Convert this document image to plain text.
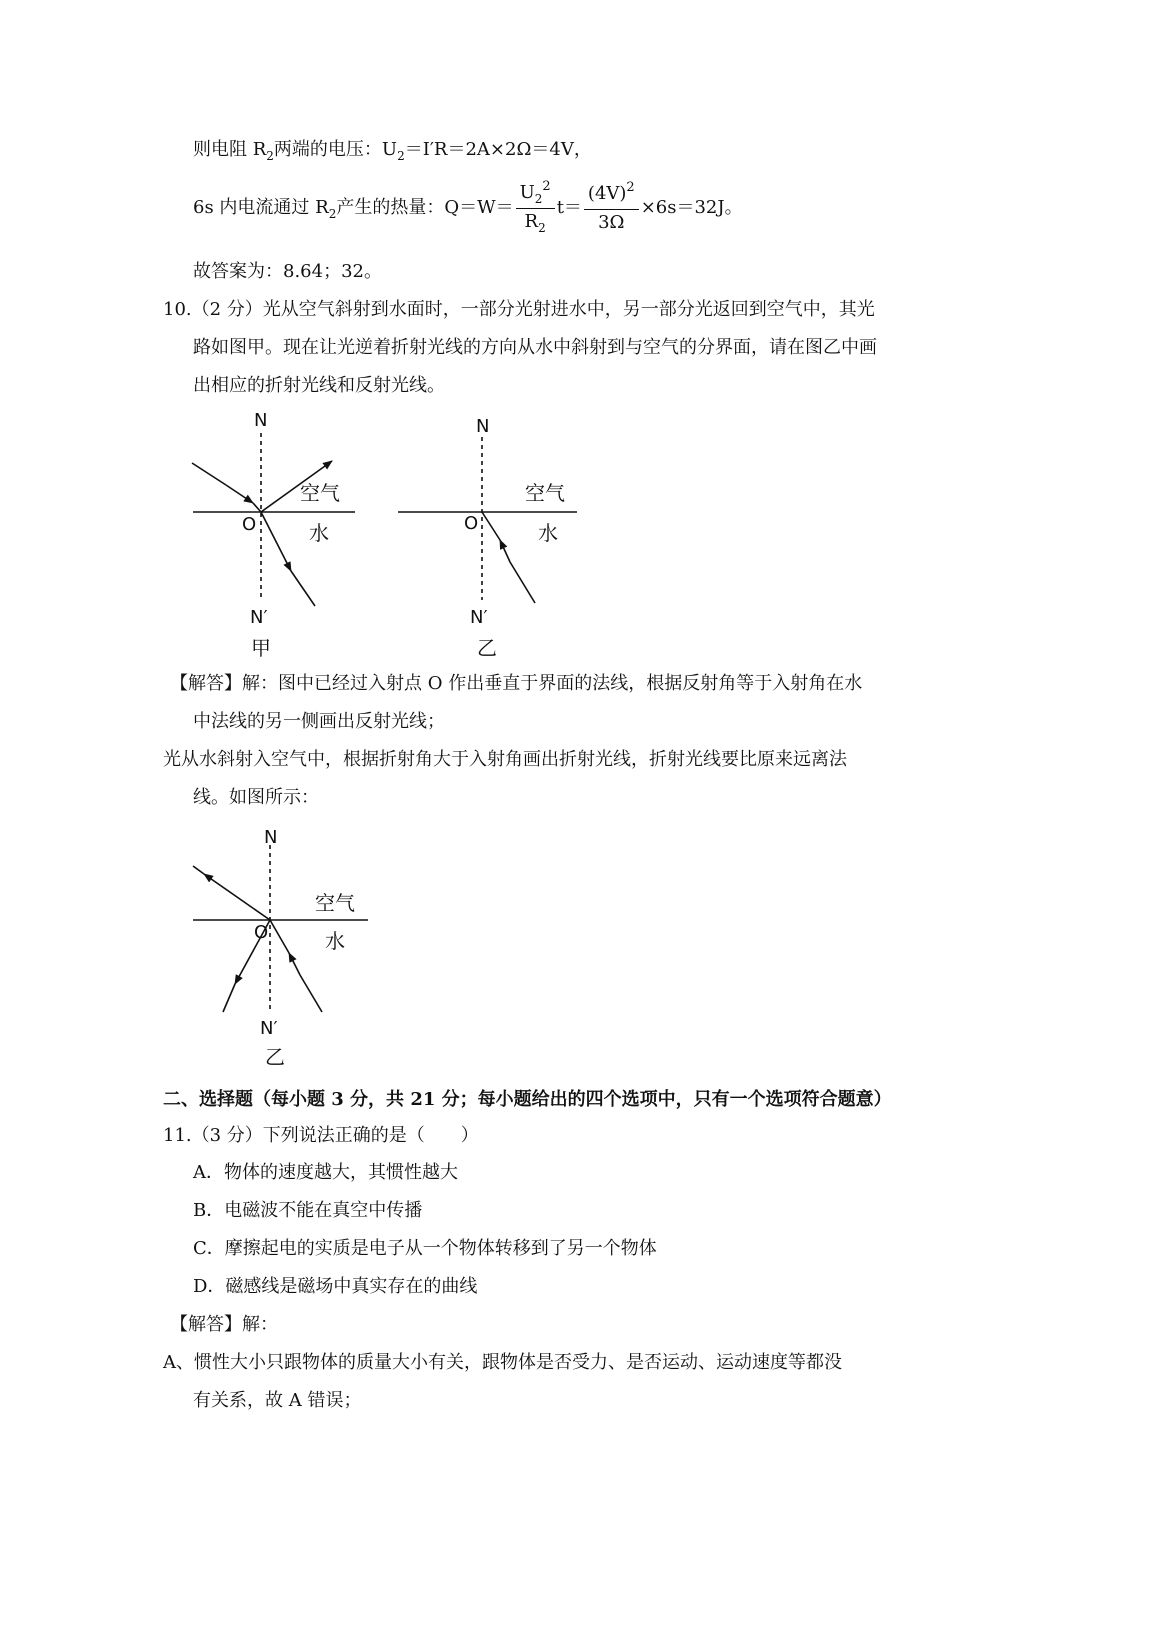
则电阻 $R_2$两端的电压：$U_2=I'R=2A\times 2\Omega=4V$，
6s 内电流通过 $R_2$产生的热量：$Q=W= \frac{U_2^2}{R_2} t= \frac{(4V)^2}{3\Omega} \times 6s=32J$。
故答案为：8.64；32。
10.（2 分）光从空气斜射到水面时，一部分光射进水中，另一部分光返回到空气中，其光
路如图甲。现在让光逆着折射光线的方向从水中斜射到与空气的分界面，请在图乙中画
出相应的折射光线和反射光线。
【解答】解：图中已经过入射点 O 作出垂直于界面的法线，根据反射角等于入射角在水
中法线的另一侧画出反射光线；
光从水斜射入空气中，根据折射角大于入射角画出折射光线，折射光线要比原来远离法
线。如图所示：
二、选择题（每小题 3 分，共 21 分；每小题给出的四个选项中，只有一个选项符合题意）
11.（3 分）下列说法正确的是（　　）
A．物体的速度越大，其惯性越大
B．电磁波不能在真空中传播
C．摩擦起电的实质是电子从一个物体转移到了另一个物体
D．磁感线是磁场中真实存在的曲线
【解答】解：
A、惯性大小只跟物体的质量大小有关，跟物体是否受力、是否运动、运动速度等都没
有关系，故 A 错误；
N
空气
O	水
N′
甲
N
空气
O	水
N′
乙
N
空气
O	水
N′
乙
